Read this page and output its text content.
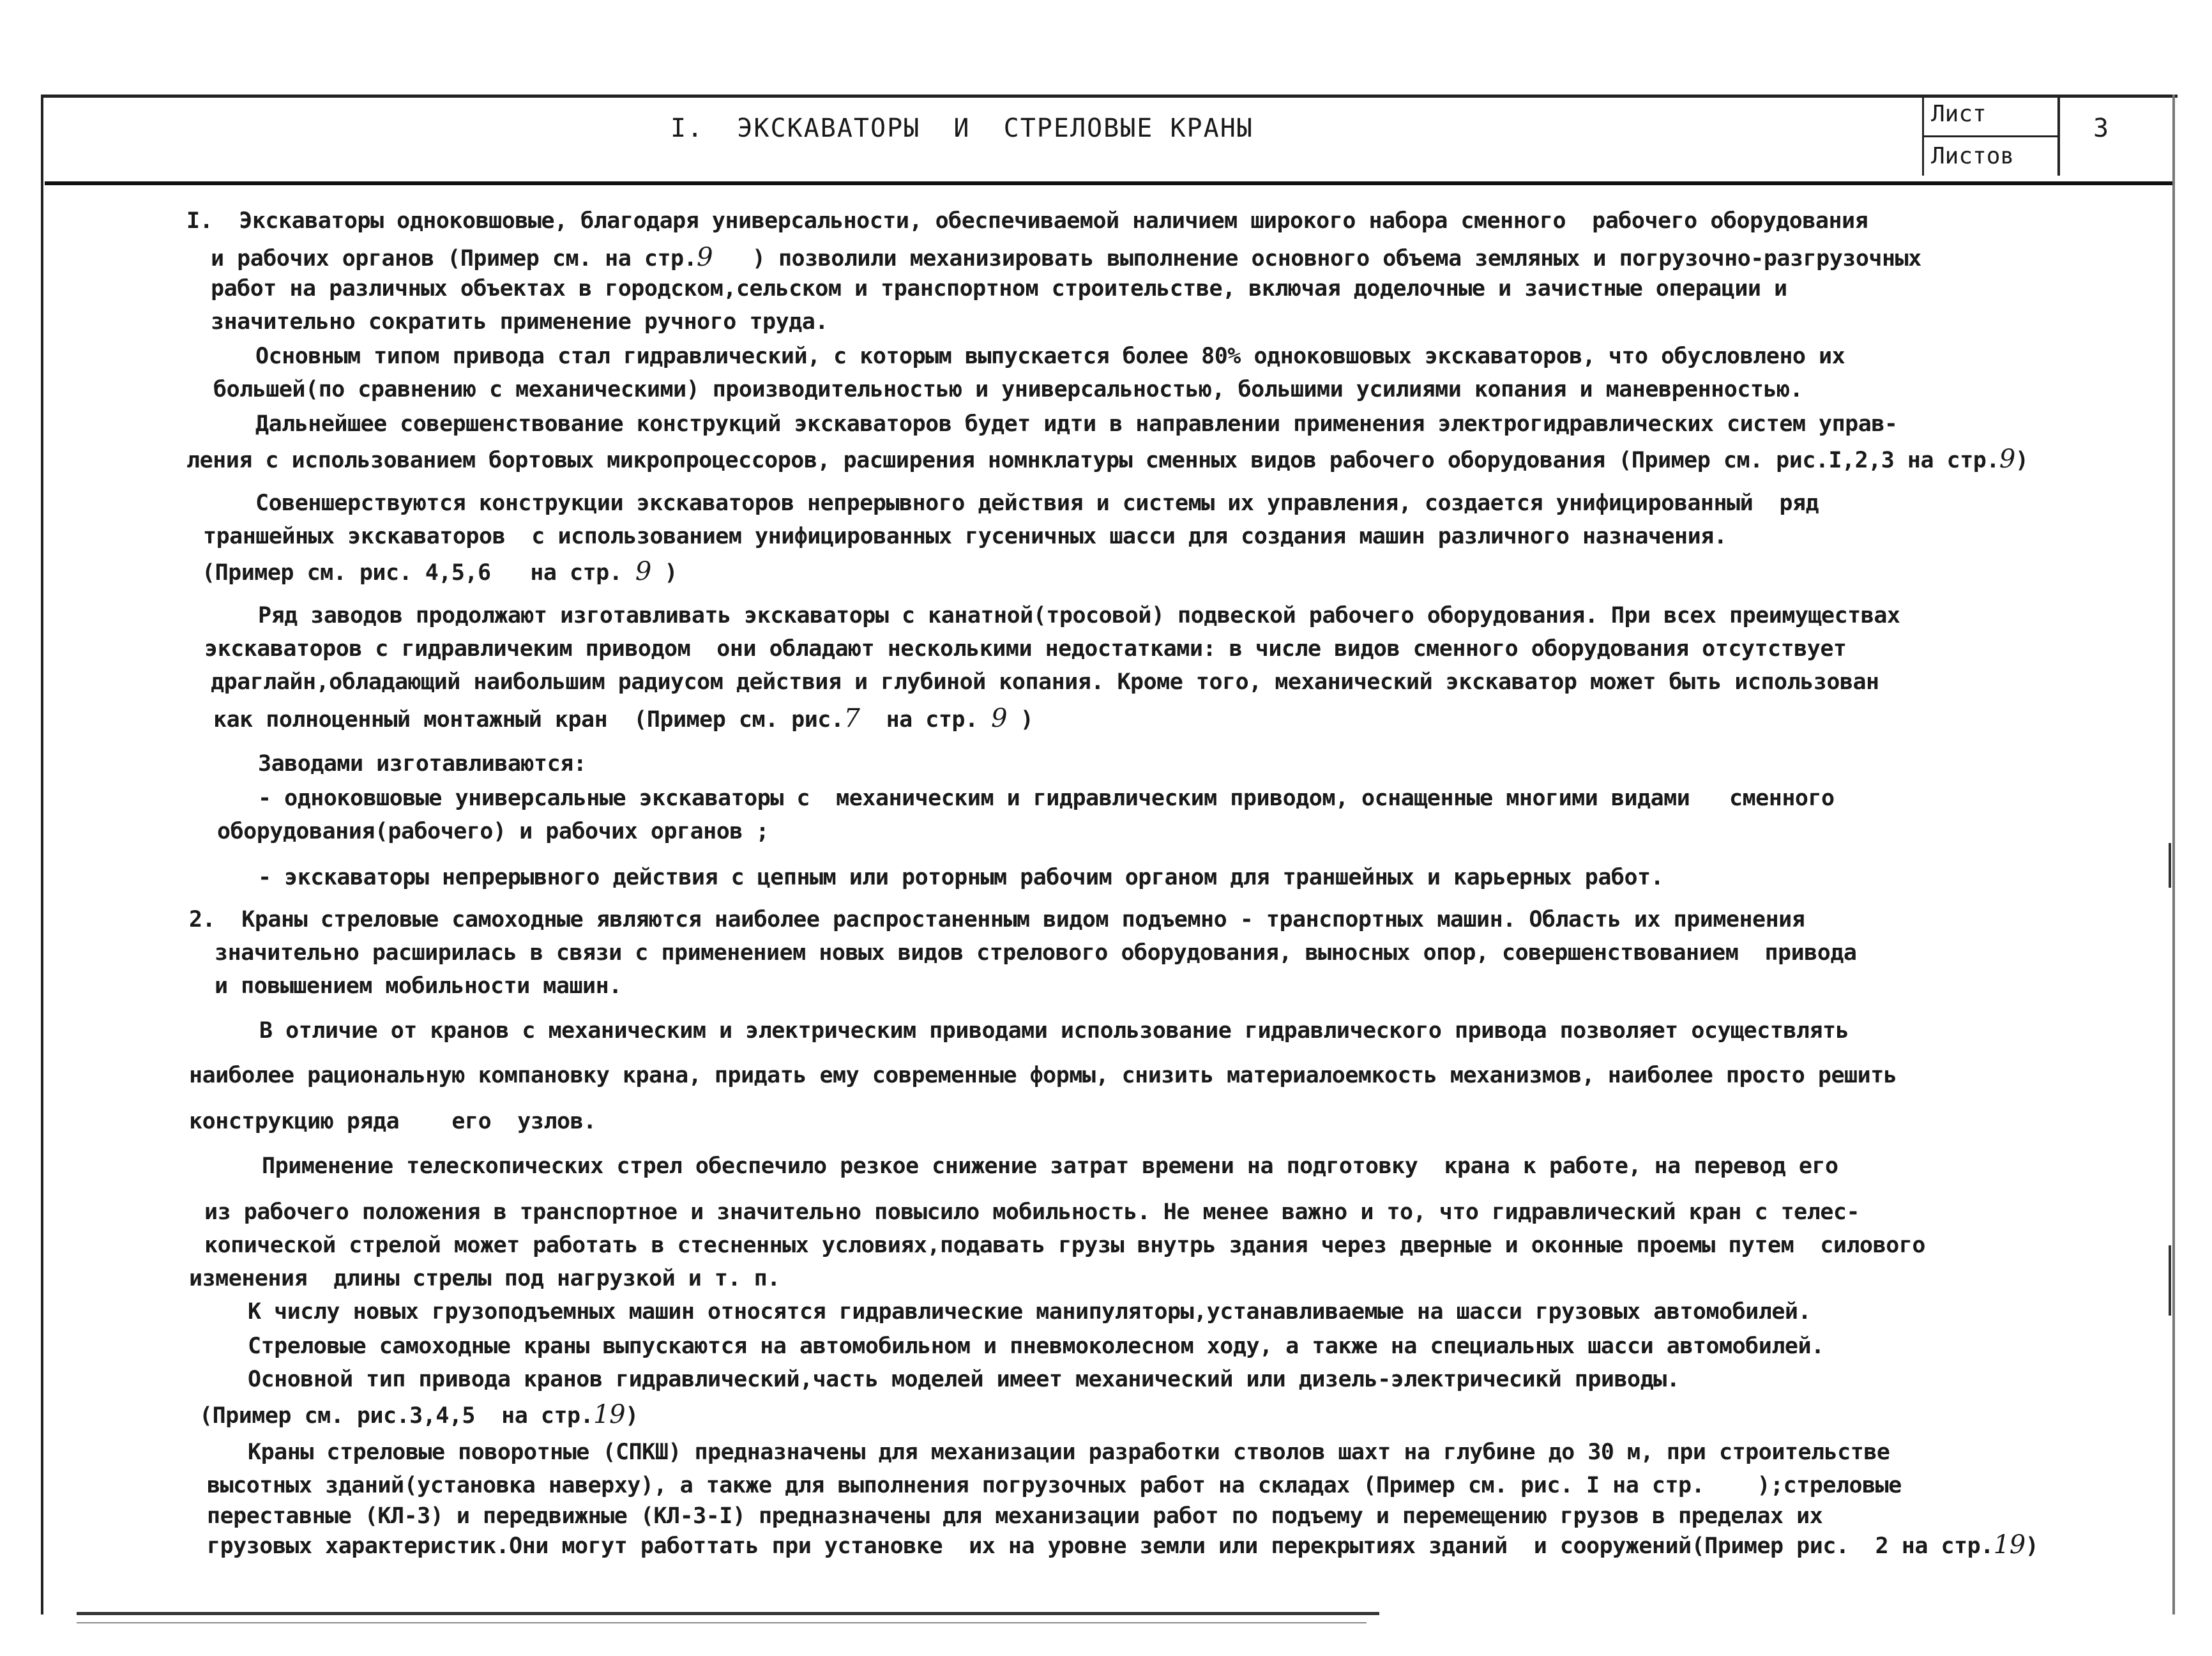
I.  ЭКСКАВАТОРЫ  И  СТРЕЛОВЫЕ КРАНЫ	Лист
Листов
3
I.  Экскаваторы одноковшовые, благодаря универсальности, обеспечиваемой наличием широкого набора сменного  рабочего оборудования
и рабочих органов (Пример см. на стр.9 ) позволили механизировать выполнение основного объема земляных и погрузочно-разгрузочных
работ на различных объектах в городском,сельском и транспортном строительстве, включая доделочные и зачистные операции и
значительно сократить применение ручного труда.
Основным типом привода стал гидравлический, с которым выпускается более 80% одноковшовых экскаваторов, что обусловлено их
большей(по сравнению с механическими) производительностью и универсальностью, большими усилиями копания и маневренностью.
Дальнейшее совершенствование конструкций экскаваторов будет идти в направлении применения электрогидравлических систем управ-
ления с использованием бортовых микропроцессоров, расширения номнклатуры сменных видов рабочего оборудования (Пример см. рис.I,2,3 на стр.9)
Совеншерствуются конструкции экскаваторов непрерывного действия и системы их управления, создается унифицированный  ряд
траншейных экскаваторов  с использованием унифицированных гусеничных шасси для создания машин различного назначения.
(Пример см. рис. 4,5,6   на стр. 9 )
Ряд заводов продолжают изготавливать экскаваторы с канатной(тросовой) подвеской рабочего оборудования. При всех преимуществах
экскаваторов с гидравличеким приводом  они обладают несколькими недостатками: в числе видов сменного оборудования отсутствует
драглайн,обладающий наибольшим радиусом действия и глубиной копания. Кроме того, механический экскаватор может быть использован
как полноценный монтажный кран  (Пример см. рис.7 на стр. 9 )
Заводами изготавливаются:
- одноковшовые универсальные экскаваторы с  механическим и гидравлическим приводом, оснащенные многими видами   сменного
оборудования(рабочего) и рабочих органов ;
- экскаваторы непрерывного действия с цепным или роторным рабочим органом для траншейных и карьерных работ.
2.  Краны стреловые самоходные являются наиболее распростаненным видом подъемно - транспортных машин. Область их применения
значительно расширилась в связи с применением новых видов стрелового оборудования, выносных опор, совершенствованием  привода
и повышением мобильности машин.
В отличие от кранов с механическим и электрическим приводами использование гидравлического привода позволяет осуществлять
наиболее рациональную компановку крана, придать ему современные формы, снизить материалоемкость механизмов, наиболее просто решить
конструкцию ряда    его  узлов.
Применение телескопических стрел обеспечило резкое снижение затрат времени на подготовку  крана к работе, на перевод его
из рабочего положения в транспортное и значительно повысило мобильность. Не менее важно и то, что гидравлический кран с телес-
копической стрелой может работать в стесненных условиях,подавать грузы внутрь здания через дверные и оконные проемы путем  силового
изменения  длины стрелы под нагрузкой и т. п.
К числу новых грузоподъемных машин относятся гидравлические манипуляторы,устанавливаемые на шасси грузовых автомобилей.
Стреловые самоходные краны выпускаются на автомобильном и пневмоколесном ходу, а также на специальных шасси автомобилей.
Основной тип привода кранов гидравлический,часть моделей имеет механический или дизель-электричесикй приводы.
(Пример см. рис.3,4,5  на стр.19)
Краны стреловые поворотные (СПКШ) предназначены для механизации разработки стволов шахт на глубине до 30 м, при строительстве
высотных зданий(установка наверху), а также для выполнения погрузочных работ на складах (Пример см. рис. I на стр.    );стреловые
переставные (КЛ-3) и передвижные (КЛ-3-I) предназначены для механизации работ по подъему и перемещению грузов в пределах их
грузовых характеристик.Они могут работтать при установке  их на уровне земли или перекрытиях зданий  и сооружений(Пример рис.  2 на стр.19)
